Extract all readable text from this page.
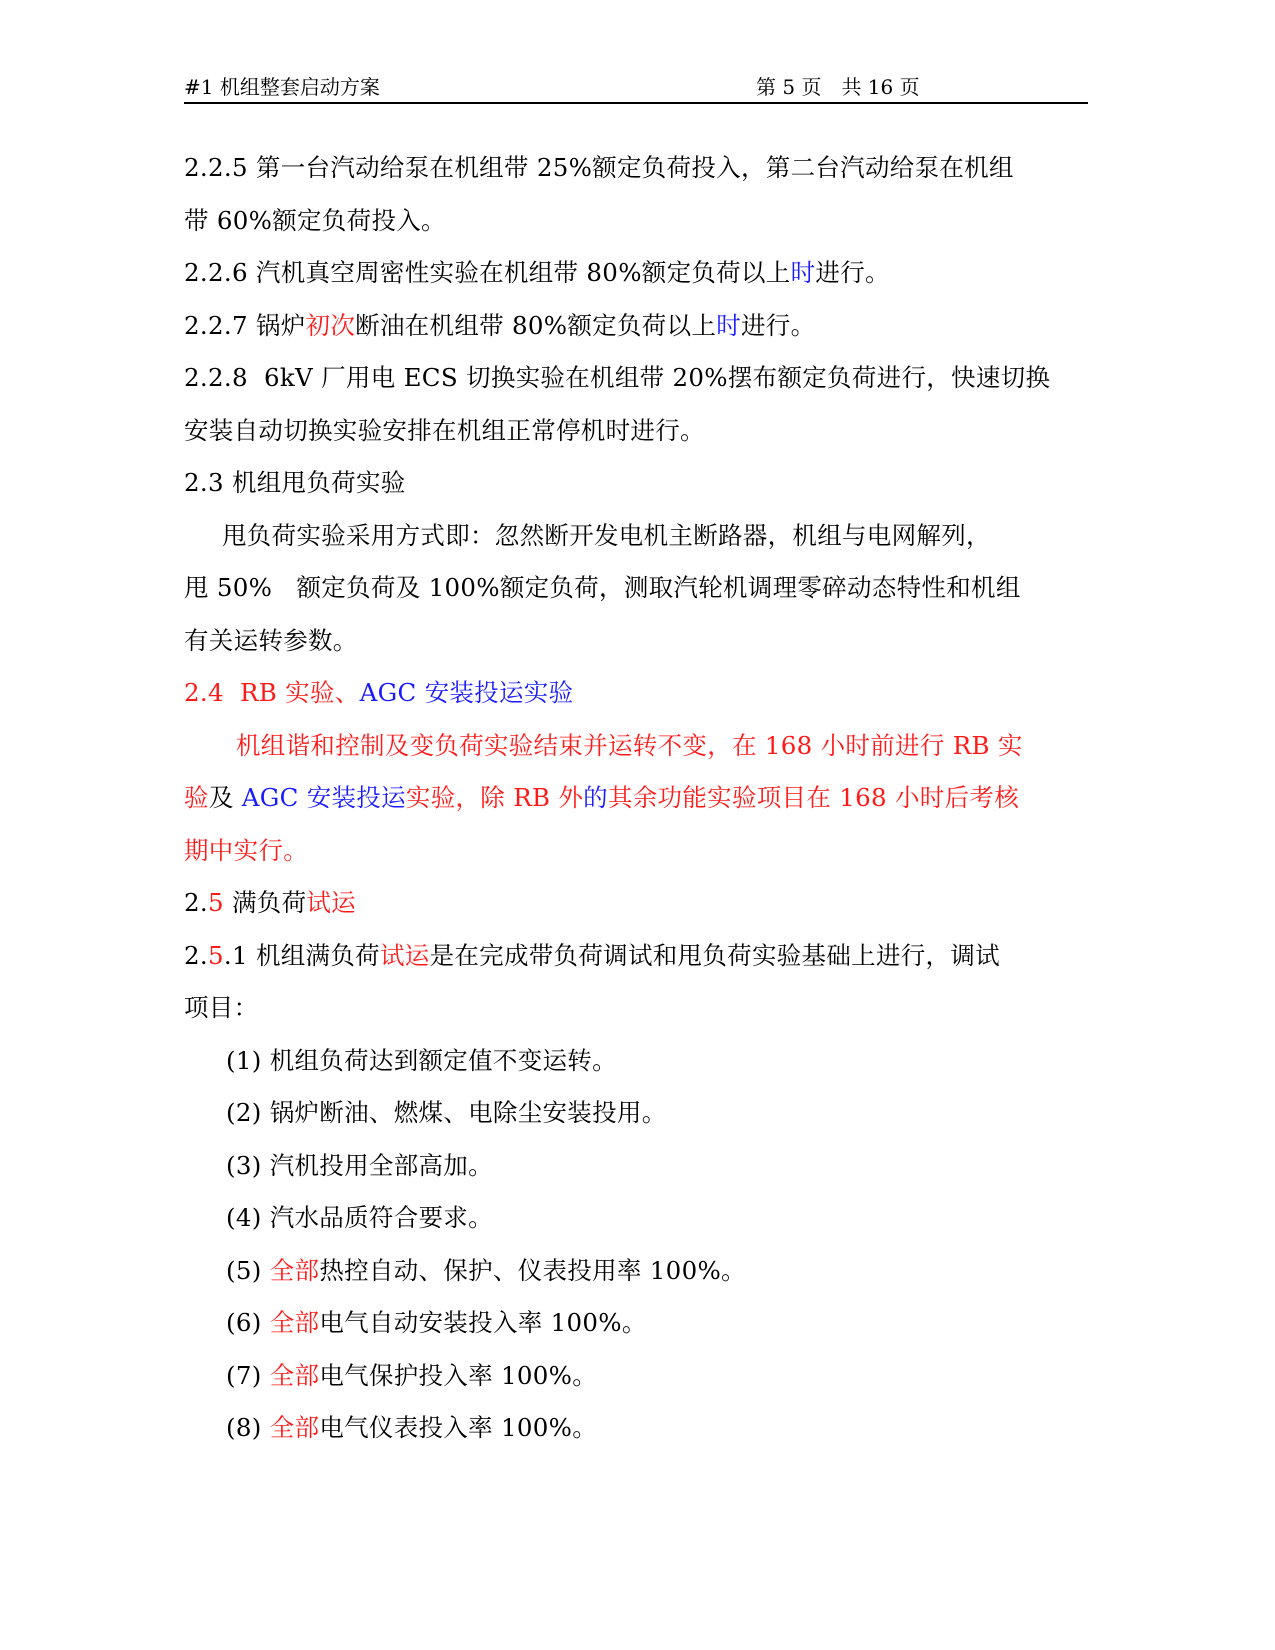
#1 机组整套启动方案	第 5 页　共 16 页
2.2.5 第一台汽动给泵在机组带 25%额定负荷投入，第二台汽动给泵在机组
带 60%额定负荷投入。
2.2.6 汽机真空周密性实验在机组带 80%额定负荷以上时进行。
2.2.7 锅炉初次断油在机组带 80%额定负荷以上时进行。
2.2.8  6kV 厂用电 ECS 切换实验在机组带 20%摆布额定负荷进行，快速切换
安装自动切换实验安排在机组正常停机时进行。
2.3 机组甩负荷实验
甩负荷实验采用方式即：忽然断开发电机主断路器，机组与电网解列，
甩 50%   额定负荷及 100%额定负荷，测取汽轮机调理零碎动态特性和机组
有关运转参数。
2.4  RB 实验、AGC 安装投运实验
机组谐和控制及变负荷实验结束并运转不变，在 168 小时前进行 RB 实
验及 AGC 安装投运实验，除 RB 外的其余功能实验项目在 168 小时后考核
期中实行。
2.5 满负荷试运
2.5.1 机组满负荷试运是在完成带负荷调试和甩负荷实验基础上进行，调试
项目：
(1) 机组负荷达到额定值不变运转。
(2) 锅炉断油、燃煤、电除尘安装投用。
(3) 汽机投用全部高加。
(4) 汽水品质符合要求。
(5) 全部热控自动、保护、仪表投用率 100%。
(6) 全部电气自动安装投入率 100%。
(7) 全部电气保护投入率 100%。
(8) 全部电气仪表投入率 100%。
